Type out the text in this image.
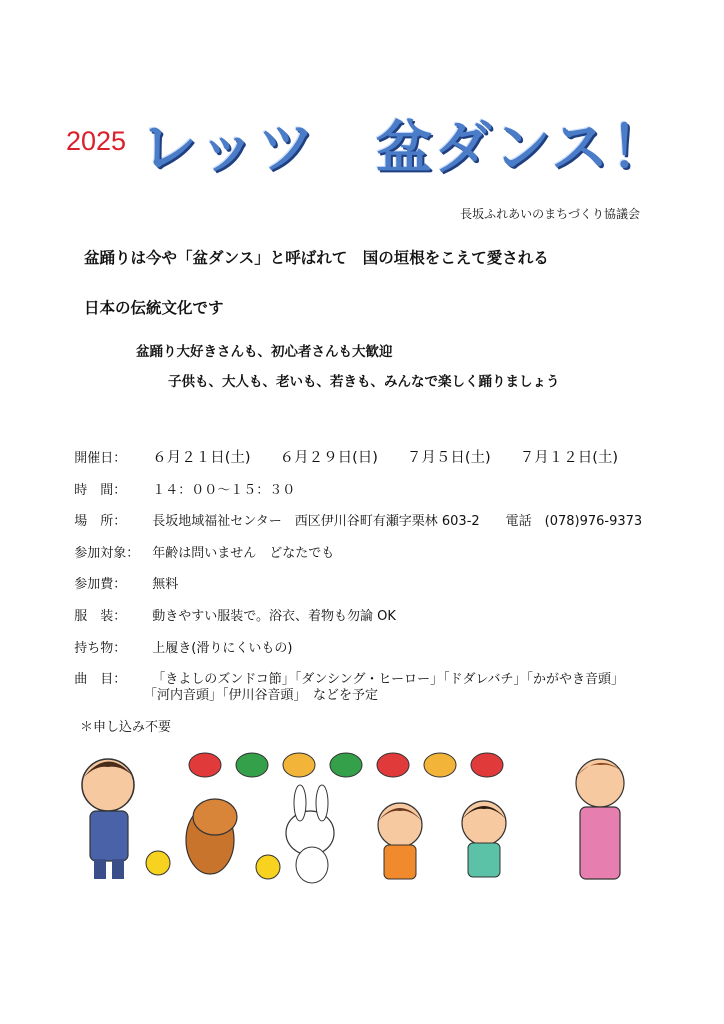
2025 レッツ　盆ダンス！
長坂ふれあいのまちづくり協議会
盆踊りは今や「盆ダンス」と呼ばれて　国の垣根をこえて愛される
日本の伝統文化です
盆踊り大好きさんも、初心者さんも大歓迎
子供も、大人も、老いも、若きも、みんなで楽しく踊りましょう

開催日： ６月２１日(土)　　６月２９日(日)　　７月５日(土)　　７月１２日(土)

時　間： １４：００～１５：３０

場　所： 長坂地域福祉センター　西区伊川谷町有瀬字栗林 603-2　　電話　(078)976-9373

参加対象： 年齢は問いません　どなたでも

参加費： 無料

服　装： 動きやすい服装で。浴衣、着物も勿論 OK

持ち物： 上履き(滑りにくいもの)

曲　目： 「きよしのズンドコ節」「ダンシング・ヒーロー」「ドダレバチ」「かがやき音頭」

「河内音頭」「伊川谷音頭」　などを予定
＊申し込み不要
